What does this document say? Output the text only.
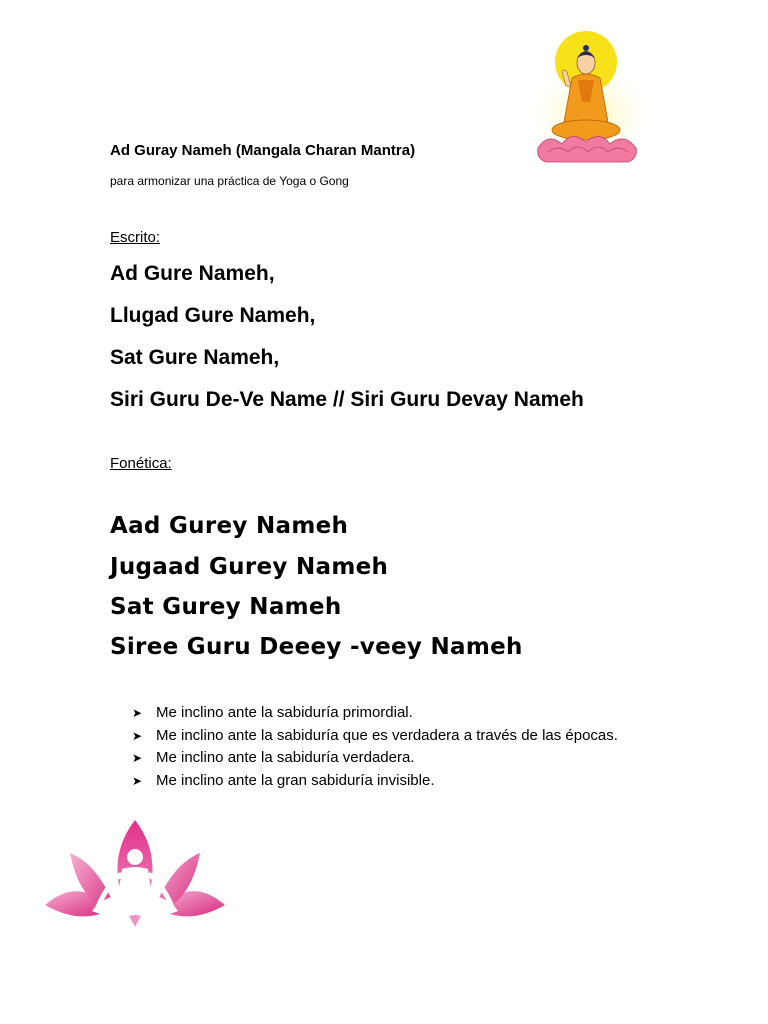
Ad Guray Nameh (Mangala Charan Mantra)
para armonizar una práctica de Yoga o Gong
Escrito:
Ad Gure Nameh,
Llugad Gure Nameh,
Sat Gure Nameh,
Siri Guru De-Ve Name // Siri Guru Devay Nameh
Fonética:
Aad Gurey Nameh
Jugaad Gurey Nameh
Sat Gurey Nameh
Siree Guru Deeey -veey Nameh
➤ Me inclino ante la sabiduría primordial.
➤ Me inclino ante la sabiduría que es verdadera a través de las épocas.
➤ Me inclino ante la sabiduría verdadera.
➤ Me inclino ante la gran sabiduría invisible.
